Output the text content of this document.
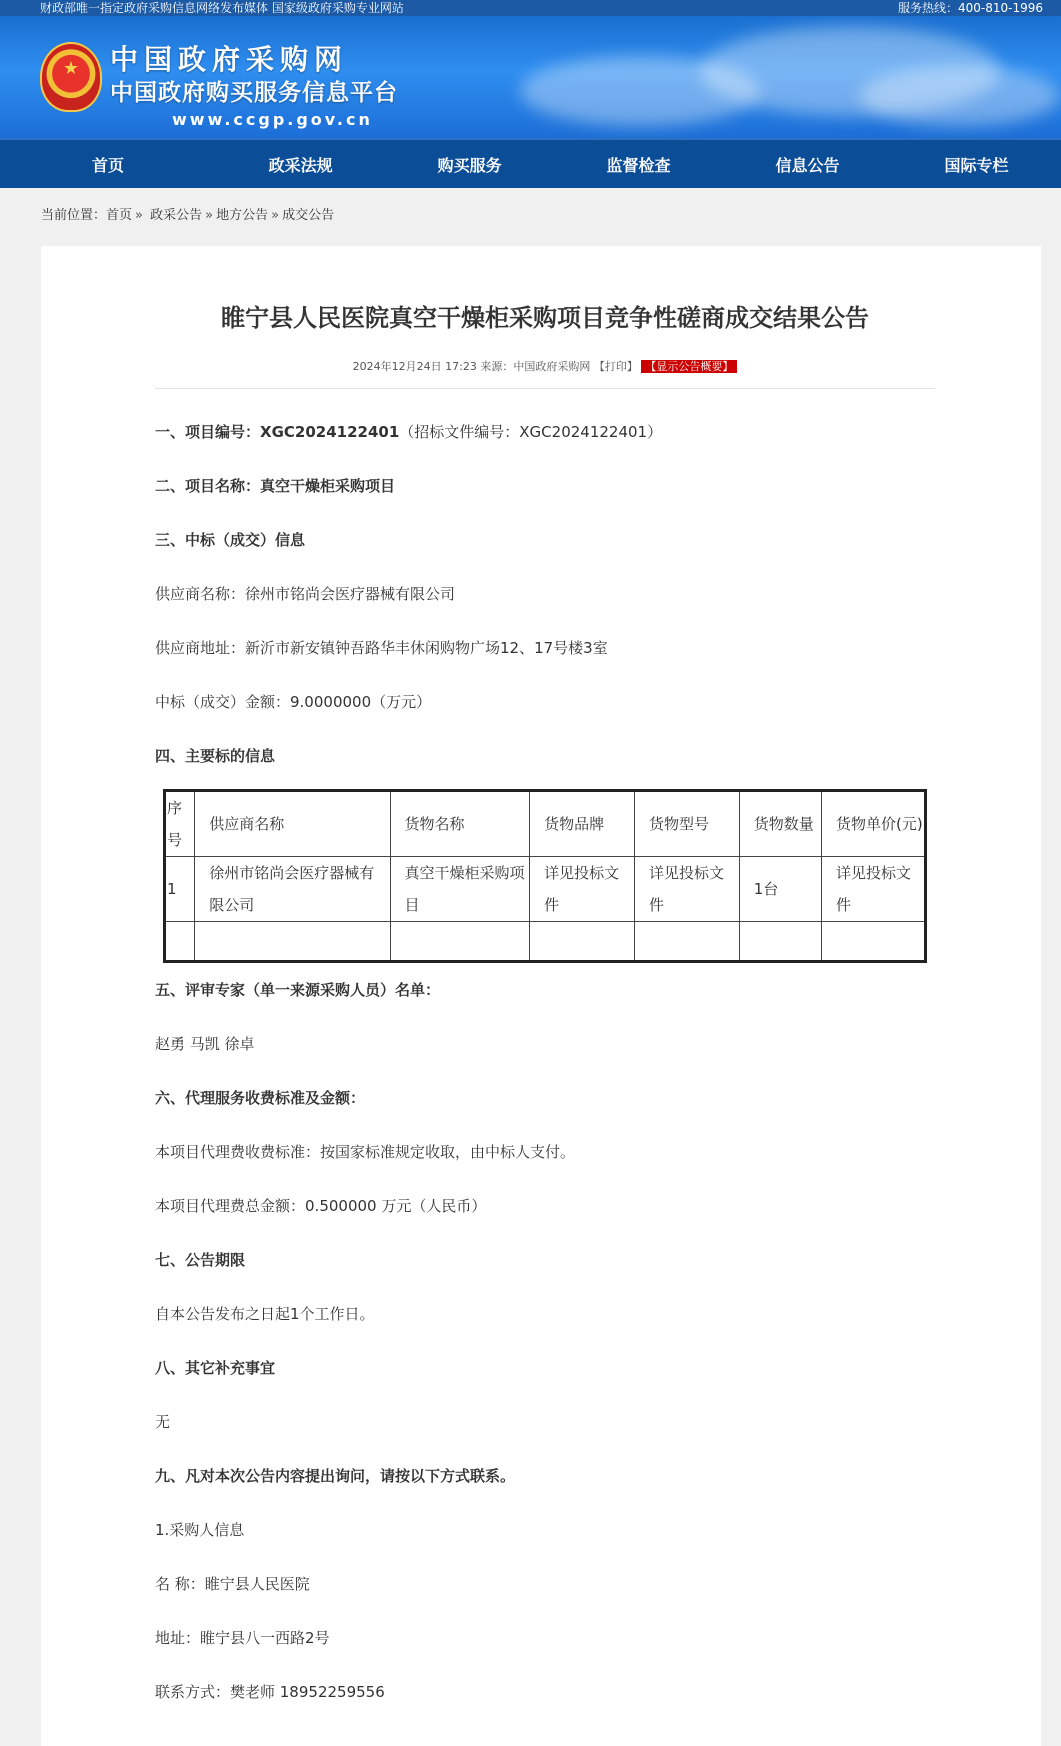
财政部唯一指定政府采购信息网络发布媒体 国家级政府采购专业网站	服务热线：400-810-1996
★	中国政府采购网
中国政府购买服务信息平台
www.ccgp.gov.cn
首页	政采法规	购买服务	监督检查	信息公告	国际专栏
当前位置：首页 » 政采公告 » 地方公告 » 成交公告
睢宁县人民医院真空干燥柜采购项目竞争性磋商成交结果公告
2024年12月24日 17:23 来源：中国政府采购网 【打印】 【显示公告概要】

一、项目编号：XGC2024122401（招标文件编号：XGC2024122401）

二、项目名称：真空干燥柜采购项目

三、中标（成交）信息

供应商名称：徐州市铭尚会医疗器械有限公司

供应商地址：新沂市新安镇钟吾路华丰休闲购物广场12、17号楼3室

中标（成交）金额：9.0000000（万元）

四、主要标的信息

序号	供应商名称	货物名称	货物品牌	货物型号	货物数量	货物单价(元)
1	徐州市铭尚会医疗器械有限公司	真空干燥柜采购项目	详见投标文件	详见投标文件	1台	详见投标文件

五、评审专家（单一来源采购人员）名单：

赵勇 马凯 徐卓

六、代理服务收费标准及金额：

本项目代理费收费标准：按国家标准规定收取，由中标人支付。

本项目代理费总金额：0.500000 万元（人民币）

七、公告期限

自本公告发布之日起1个工作日。

八、其它补充事宜

无

九、凡对本次公告内容提出询问，请按以下方式联系。

1.采购人信息

名 称：睢宁县人民医院

地址：睢宁县八一西路2号

联系方式：樊老师 18952259556
